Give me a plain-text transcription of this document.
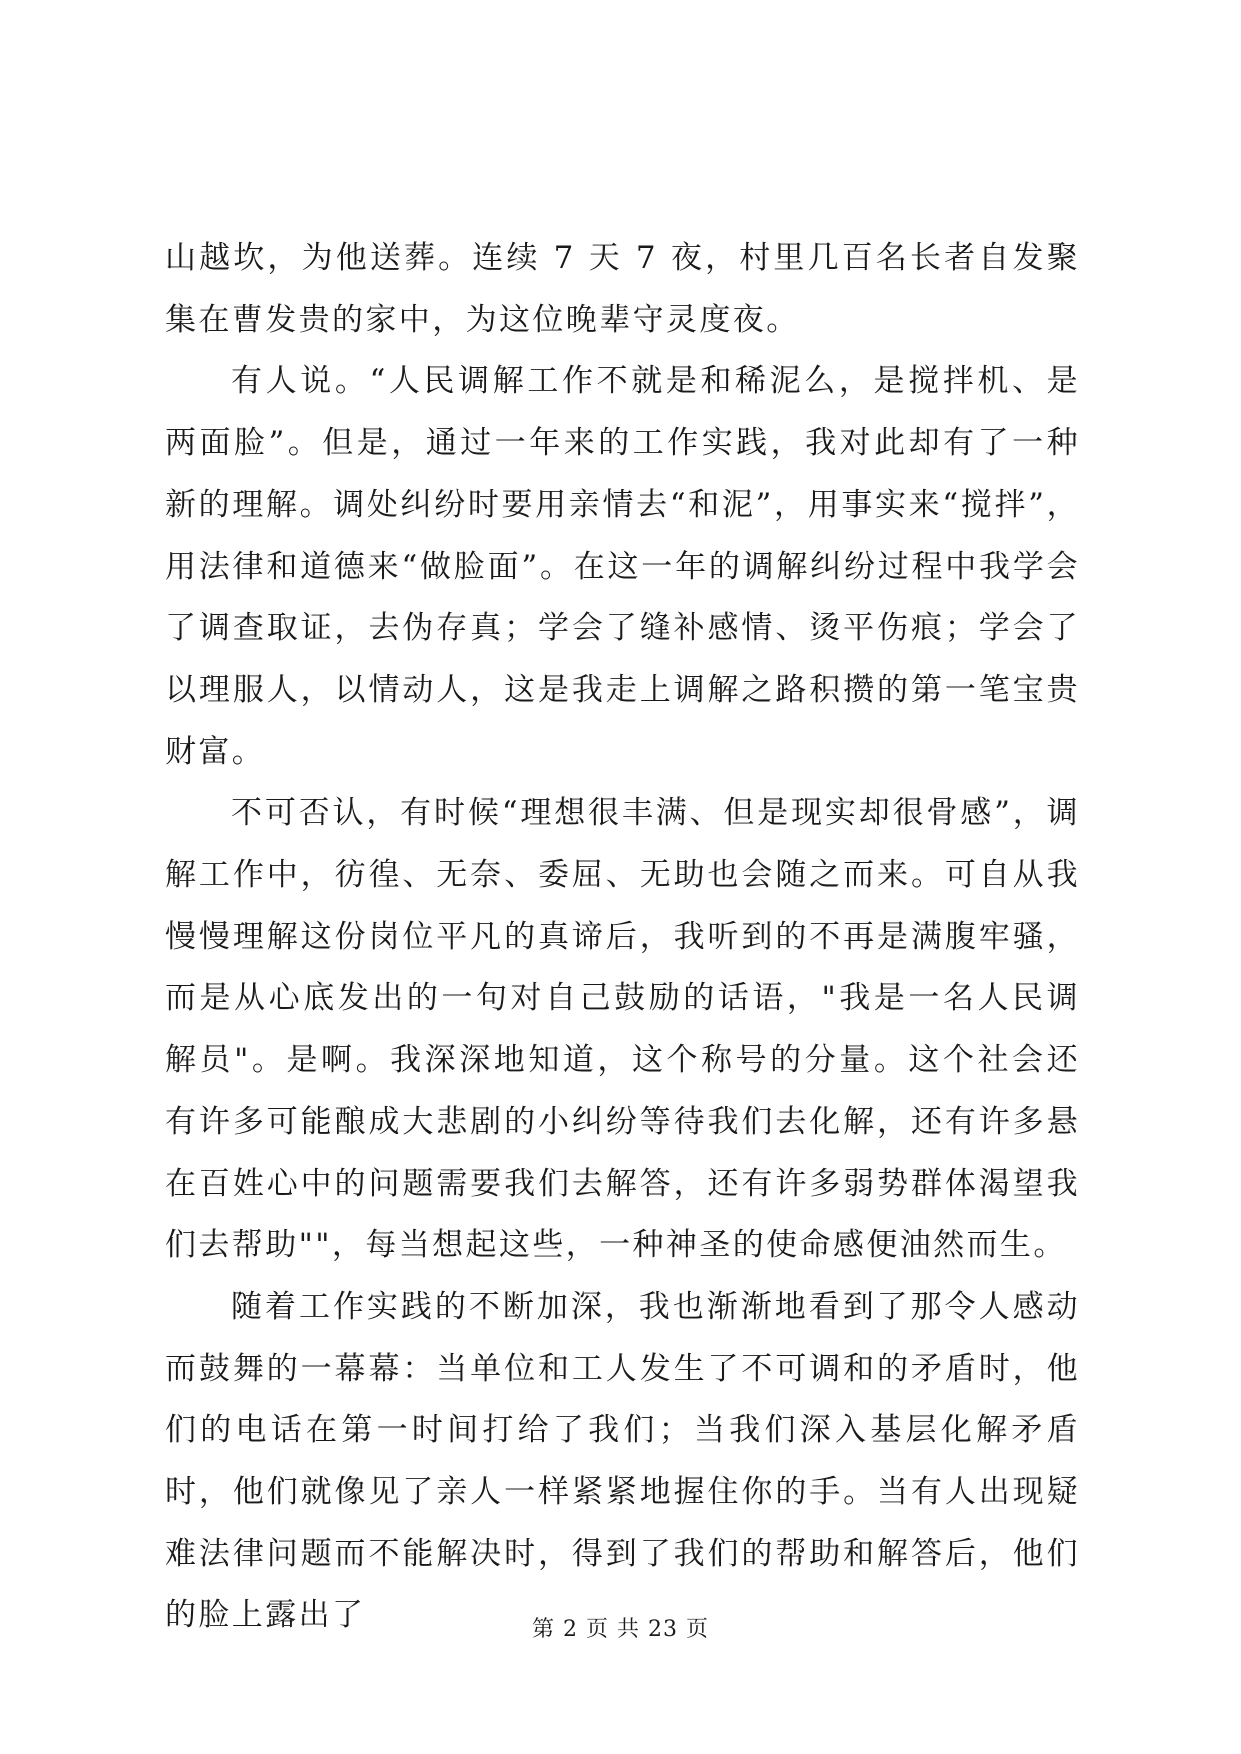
山越坎，为他送葬。连续 7 天 7 夜，村里几百名长者自发聚集在曹发贵的家中，为这位晚辈守灵度夜。

有人说。“人民调解工作不就是和稀泥么，是搅拌机、是两面脸”。但是，通过一年来的工作实践，我对此却有了一种新的理解。调处纠纷时要用亲情去“和泥”，用事实来“搅拌”，用法律和道德来“做脸面”。在这一年的调解纠纷过程中我学会了调查取证，去伪存真；学会了缝补感情、烫平伤痕；学会了以理服人，以情动人，这是我走上调解之路积攒的第一笔宝贵财富。

不可否认，有时候“理想很丰满、但是现实却很骨感”，调解工作中，彷徨、无奈、委屈、无助也会随之而来。可自从我慢慢理解这份岗位平凡的真谛后，我听到的不再是满腹牢骚，而是从心底发出的一句对自己鼓励的话语，"我是一名人民调解员"。是啊。我深深地知道，这个称号的分量。这个社会还有许多可能酿成大悲剧的小纠纷等待我们去化解，还有许多悬在百姓心中的问题需要我们去解答，还有许多弱势群体渴望我们去帮助""，每当想起这些，一种神圣的使命感便油然而生。

随着工作实践的不断加深，我也渐渐地看到了那令人感动而鼓舞的一幕幕：当单位和工人发生了不可调和的矛盾时，他们的电话在第一时间打给了我们；当我们深入基层化解矛盾时，他们就像见了亲人一样紧紧地握住你的手。当有人出现疑难法律问题而不能解决时，得到了我们的帮助和解答后，他们的脸上露出了	第 2 页 共 23 页
